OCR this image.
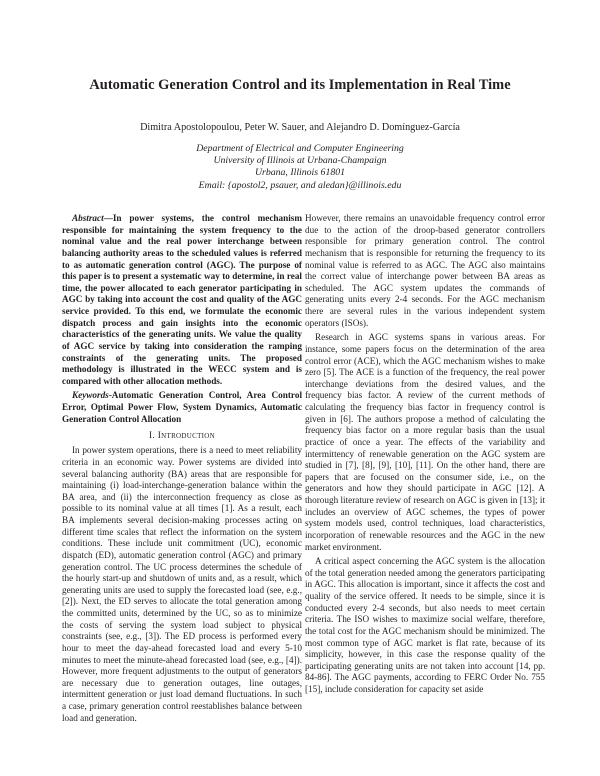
Automatic Generation Control and its Implementation in Real Time
Dimitra Apostolopoulou, Peter W. Sauer, and Alejandro D. Domínguez-García
Department of Electrical and Computer Engineering
University of Illinois at Urbana-Champaign
Urbana, Illinois 61801
Email: {apostol2, psauer, and aledan}@illinois.edu

Abstract—In power systems, the control mechanism responsible for maintaining the system frequency to the nominal value and the real power interchange between balancing authority areas to the scheduled values is referred to as automatic generation control (AGC). The purpose of this paper is to present a systematic way to determine, in real time, the power allocated to each generator participating in AGC by taking into account the cost and quality of the AGC service provided. To this end, we formulate the economic dispatch process and gain insights into the economic characteristics of the generating units. We value the quality of AGC service by taking into consideration the ramping constraints of the generating units. The proposed methodology is illustrated in the WECC system and is compared with other allocation methods.

Keywords-Automatic Generation Control, Area Control Error, Optimal Power Flow, System Dynamics, Automatic Generation Control Allocation

I. Introduction

In power system operations, there is a need to meet reliability criteria in an economic way. Power systems are divided into several balancing authority (BA) areas that are responsible for maintaining (i) load-interchange-generation balance within the BA area, and (ii) the interconnection frequency as close as possible to its nominal value at all times [1]. As a result, each BA implements several decision-making processes acting on different time scales that reflect the information on the system conditions. These include unit commitment (UC), economic dispatch (ED), automatic generation control (AGC) and primary generation control. The UC process determines the schedule of the hourly start-up and shutdown of units and, as a result, which generating units are used to supply the forecasted load (see, e.g., [2]). Next, the ED serves to allocate the total generation among the committed units, determined by the UC, so as to minimize the costs of serving the system load subject to physical constraints (see, e.g., [3]). The ED process is performed every hour to meet the day-ahead forecasted load and every 5-10 minutes to meet the minute-ahead forecasted load (see, e.g., [4]). However, more frequent adjustments to the output of generators are necessary due to generation outages, line outages, intermittent generation or just load demand fluctuations. In such a case, primary generation control reestablishes balance between load and generation.

However, there remains an unavoidable frequency control error due to the action of the droop-based generator controllers responsible for primary generation control. The control mechanism that is responsible for returning the frequency to its nominal value is referred to as AGC. The AGC also maintains the correct value of interchange power between BA areas as scheduled. The AGC system updates the commands of generating units every 2-4 seconds. For the AGC mechanism there are several rules in the various independent system operators (ISOs).

Research in AGC systems spans in various areas. For instance, some papers focus on the determination of the area control error (ACE), which the AGC mechanism wishes to make zero [5]. The ACE is a function of the frequency, the real power interchange deviations from the desired values, and the frequency bias factor. A review of the current methods of calculating the frequency bias factor in frequency control is given in [6]. The authors propose a method of calculating the frequency bias factor on a more regular basis than the usual practice of once a year. The effects of the variability and intermittency of renewable generation on the AGC system are studied in [7], [8], [9], [10], [11]. On the other hand, there are papers that are focused on the consumer side, i.e., on the generators and how they should participate in AGC [12]. A thorough literature review of research on AGC is given in [13]; it includes an overview of AGC schemes, the types of power system models used, control techniques, load characteristics, incorporation of renewable resources and the AGC in the new market environment.

A critical aspect concerning the AGC system is the allocation of the total generation needed among the generators participating in AGC. This allocation is important, since it affects the cost and quality of the service offered. It needs to be simple, since it is conducted every 2-4 seconds, but also needs to meet certain criteria. The ISO wishes to maximize social welfare, therefore, the total cost for the AGC mechanism should be minimized. The most common type of AGC market is flat rate, because of its simplicity, however, in this case the response quality of the participating generating units are not taken into account [14, pp. 84-86]. The AGC payments, according to FERC Order No. 755 [15], include consideration for capacity set aside
